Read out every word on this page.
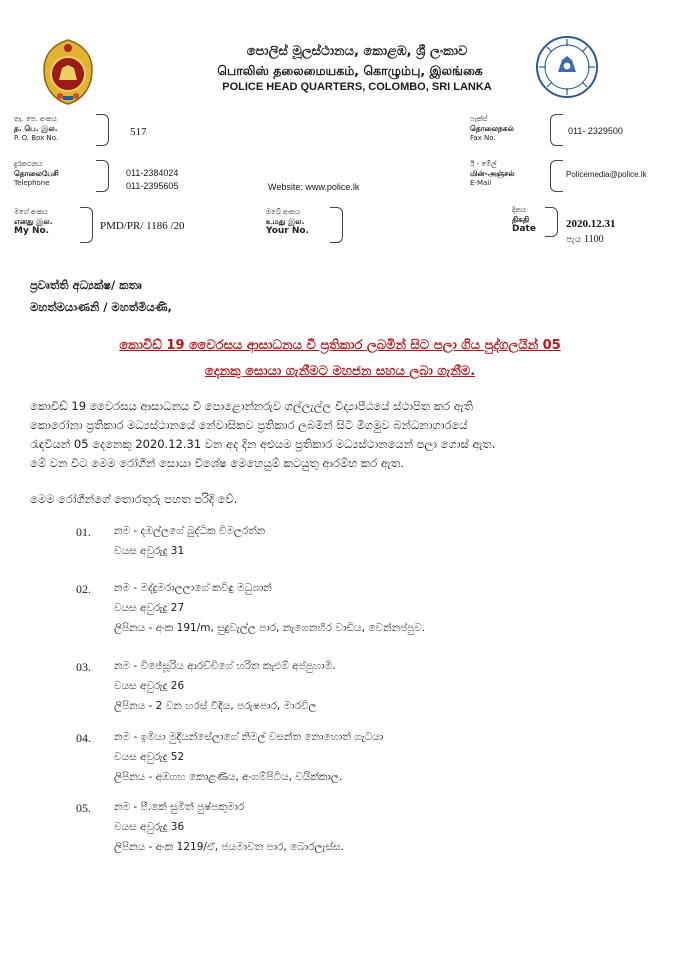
පොලිස් මූලස්ථානය, කොළඹ, ශ්‍රී ලංකාව
பொலிஸ் தலைமையகம், கொழும்பு, இலங்கை
POLICE HEAD QUARTERS, COLOMBO, SRI LANKA
තැ. පෙ. අංකය
த. பெ. இல.
P. O. Box No.	517
ෆැක්ස්
தொலைநகல்
Fax No.
011- 2329500
දුරකථනය
தொலைபேசி
Telephone
011-2384024
011-2395605	Website: www.police.lk
ඊ - මේල්
மின்-அஞ்சல்
E-Mail
Policemedia@police.lk
මගේ අංකය
எனது இல.
My No.	PMD/PR/ 1186 /20
ඔබේ අංකය
உமது இல.
Your No.
දිනය
திகதி
Date	2020.12.31
පැය 1100
ප්‍රවෘත්ති අධ්‍යක්ෂ/ කතෘ
මහත්මයාණනි / මහත්මියණි,
කොවිඩ් 19 වෛරසය ආසාධනය වී ප්‍රතිකාර ලබමින් සිට පලා ගිය පුද්ගලයින් 05
දෙනකු සොයා ගැනීමට මහජන සහය ලබා ගැනීම.
කොවිඩ් 19 වෛරසය ආසාධනය වී පොළොන්නරුව ගල්ලැල්ල විද්‍යාපීඨයේ ස්ථාපිත කර ඇති
කොරෝනා ප්‍රතිකාර මධ්‍යස්ථානයේ නේවාසිකව ප්‍රතිකාර ලබමින් සිටි මීගමුව බන්ධනාගාරයේ
රැඳවියන් 05 දෙනෙකු 2020.12.31 වන අද දින අළුයම ප්‍රතිකාර මධ්‍යස්ථානයෙන් පලා ගොස් ඇත.
මේ වන විට මෙම රෝගීන් සොයා විශේෂ මෙහෙයුම් කටයුතු ආරම්භ කර ඇත.
මෙම රෝගීන්ගේ තොරතුරු පහත පරිදි වේ.
01. නම - දඹල්ලගේ බුද්ධික විමලරත්න
වයස අවුරුදු 31
02. නම - මද්දුමරාලලාගේ කවිඳු මධුශාන්
වයස අවුරුදු 27
ලිපිනය - අංක 191/m, සුදුවැල්ල පාර, නැගෙනහිර වාඩිය, වෙන්නප්පුව.
03. නම - විජේසූරිය ආරච්චිගේ හරිත කැළුම් අප්පුහාමි.
වයස අවුරුදු 26
ලිපිනය - 2 වන හරස් වීදිය, පරුෂපාර, මාරවිල
04. නම - ඉමියා මුදියන්සේලාගේ නිමල් වසන්ත නොහොත් ගැටයා
වයස අවුරුදු 52
ලිපිනය - අඹගහ කොළණිය, අංගම්පිටිය, වයික්කාල.
05. නම - පී.කේ සුමිත් පුෂ්පකුමාර
වයස අවුරුදු 36
ලිපිනය - අංක 1219/ඒ, ජයමාවත පාර, බොරලැස්ස.
